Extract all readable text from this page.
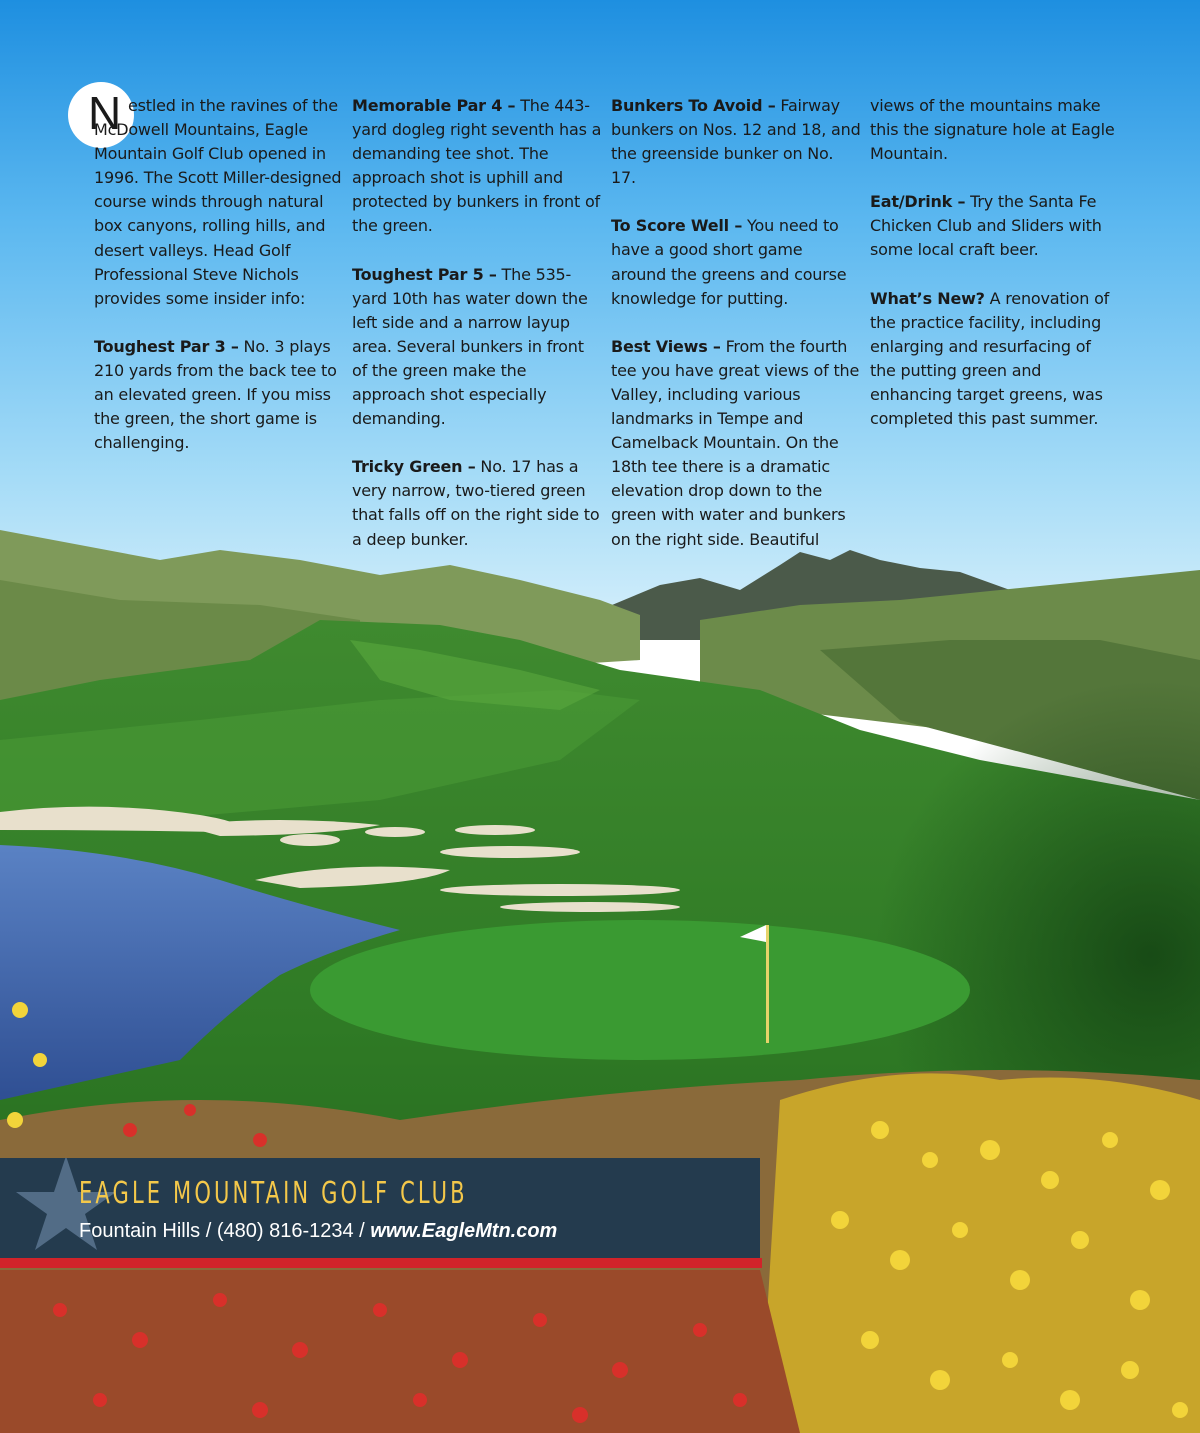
N estled in the ravines of the McDowell Mountains, Eagle Mountain Golf Club opened in 1996. The Scott Miller-designed course winds through natural box canyons, rolling hills, and desert valleys. Head Golf Professional Steve Nichols provides some insider info:

Toughest Par 3 – No. 3 plays 210 yards from the back tee to an elevated green. If you miss the green, the short game is challenging.

Memorable Par 4 – The 443-yard dogleg right seventh has a demanding tee shot. The approach shot is uphill and protected by bunkers in front of the green.

Toughest Par 5 – The 535-yard 10th has water down the left side and a narrow layup area. Several bunkers in front of the green make the approach shot especially demanding.

Tricky Green – No. 17 has a very narrow, two-tiered green that falls off on the right side to a deep bunker.

Bunkers To Avoid – Fairway bunkers on Nos. 12 and 18, and the greenside bunker on No. 17.

To Score Well – You need to have a good short game around the greens and course knowledge for putting.

Best Views – From the fourth tee you have great views of the Valley, including various landmarks in Tempe and Camelback Mountain. On the 18th tee there is a dramatic elevation drop down to the green with water and bunkers on the right side. Beautiful

views of the mountains make this the signature hole at Eagle Mountain.

Eat/Drink – Try the Santa Fe Chicken Club and Sliders with some local craft beer.

What’s New? A renovation of the practice facility, including enlarging and resurfacing of the putting green and enhancing target greens, was completed this past summer.

EAGLE MOUNTAIN GOLF CLUB
Fountain Hills / (480) 816-1234 / www.EagleMtn.com
